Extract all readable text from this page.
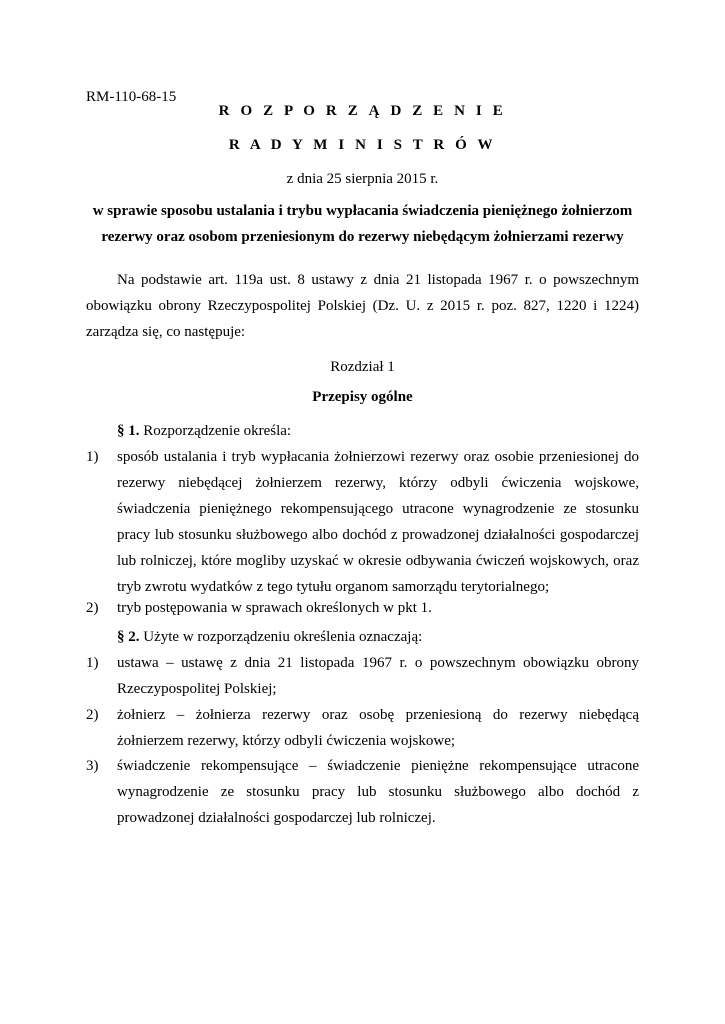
RM-110-68-15
R O Z P O R Z Ą D Z E N I E
R A D Y M I N I S T R Ó W
z dnia 25 sierpnia 2015 r.
w sprawie sposobu ustalania i trybu wypłacania świadczenia pieniężnego żołnierzom
rezerwy oraz osobom przeniesionym do rezerwy niebędącym żołnierzami rezerwy

Na podstawie art. 119a ust. 8 ustawy z dnia 21 listopada 1967 r. o powszechnym obowiązku obrony Rzeczypospolitej Polskiej (Dz. U. z 2015 r. poz. 827, 1220 i 1224) zarządza się, co następuje:

Rozdział 1
Przepisy ogólne
§ 1. Rozporządzenie określa:
1) sposób ustalania i tryb wypłacania żołnierzowi rezerwy oraz osobie przeniesionej do rezerwy niebędącej żołnierzem rezerwy, którzy odbyli ćwiczenia wojskowe, świadczenia pieniężnego rekompensującego utracone wynagrodzenie ze stosunku pracy lub stosunku służbowego albo dochód z prowadzonej działalności gospodarczej lub rolniczej, które mogliby uzyskać w okresie odbywania ćwiczeń wojskowych, oraz tryb zwrotu wydatków z tego tytułu organom samorządu terytorialnego;
2) tryb postępowania w sprawach określonych w pkt 1.
§ 2. Użyte w rozporządzeniu określenia oznaczają:
1) ustawa – ustawę z dnia 21 listopada 1967 r. o powszechnym obowiązku obrony Rzeczypospolitej Polskiej;
2) żołnierz – żołnierza rezerwy oraz osobę przeniesioną do rezerwy niebędącą żołnierzem rezerwy, którzy odbyli ćwiczenia wojskowe;
3) świadczenie rekompensujące – świadczenie pieniężne rekompensujące utracone wynagrodzenie ze stosunku pracy lub stosunku służbowego albo dochód z prowadzonej działalności gospodarczej lub rolniczej.
